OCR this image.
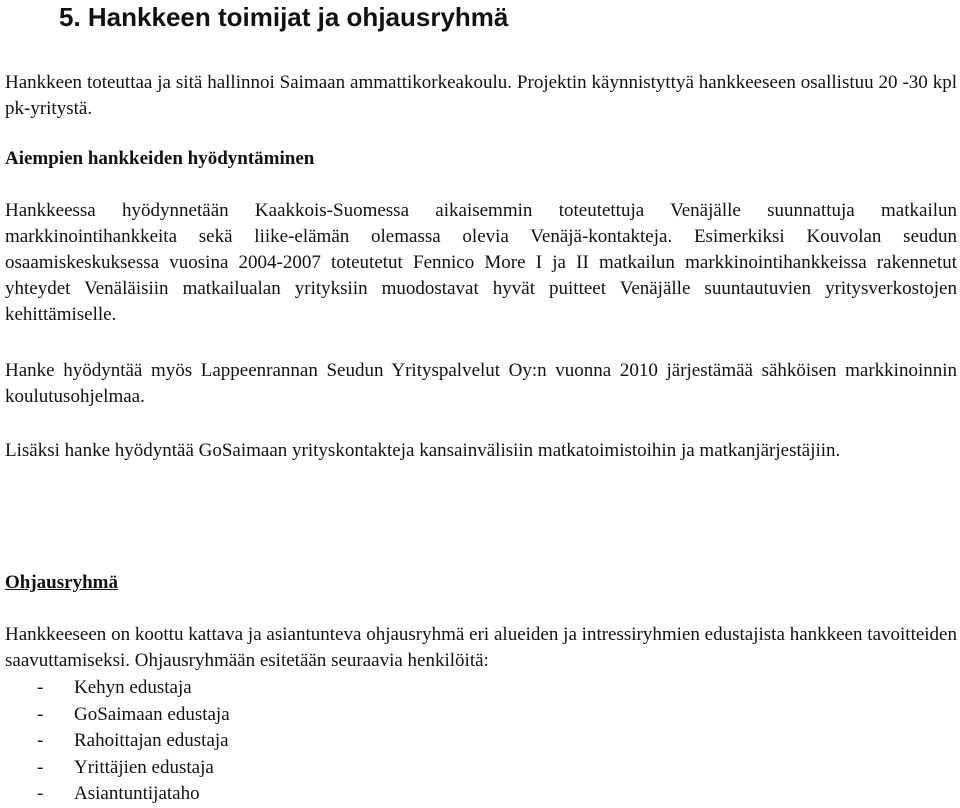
5. Hankkeen toimijat ja ohjausryhmä

Hankkeen toteuttaa ja sitä hallinnoi Saimaan ammattikorkeakoulu. Projektin käynnistyttyä hankkeeseen osallistuu 20 -30 kpl pk-yritystä.

Aiempien hankkeiden hyödyntäminen

Hankkeessa hyödynnetään Kaakkois-Suomessa aikaisemmin toteutettuja Venäjälle suunnattuja matkailun markkinointihankkeita sekä liike-elämän olemassa olevia Venäjä-kontakteja. Esimerkiksi Kouvolan seudun osaamiskeskuksessa vuosina 2004-2007 toteutetut Fennico More I ja II matkailun markkinointihankkeissa rakennetut yhteydet Venäläisiin matkailualan yrityksiin muodostavat hyvät puitteet Venäjälle suuntautuvien yritysverkostojen kehittämiselle.

Hanke hyödyntää myös Lappeenrannan Seudun Yrityspalvelut Oy:n vuonna 2010 järjestämää sähköisen markkinoinnin koulutusohjelmaa.

Lisäksi hanke hyödyntää GoSaimaan yrityskontakteja kansainvälisiin matkatoimistoihin ja matkanjärjestäjiin.

Ohjausryhmä

Hankkeeseen on koottu kattava ja asiantunteva ohjausryhmä eri alueiden ja intressiryhmien edustajista hankkeen tavoitteiden saavuttamiseksi. Ohjausryhmään esitetään seuraavia henkilöitä:

- Kehyn edustaja
- GoSaimaan edustaja
- Rahoittajan edustaja
- Yrittäjien edustaja
- Asiantuntijataho
